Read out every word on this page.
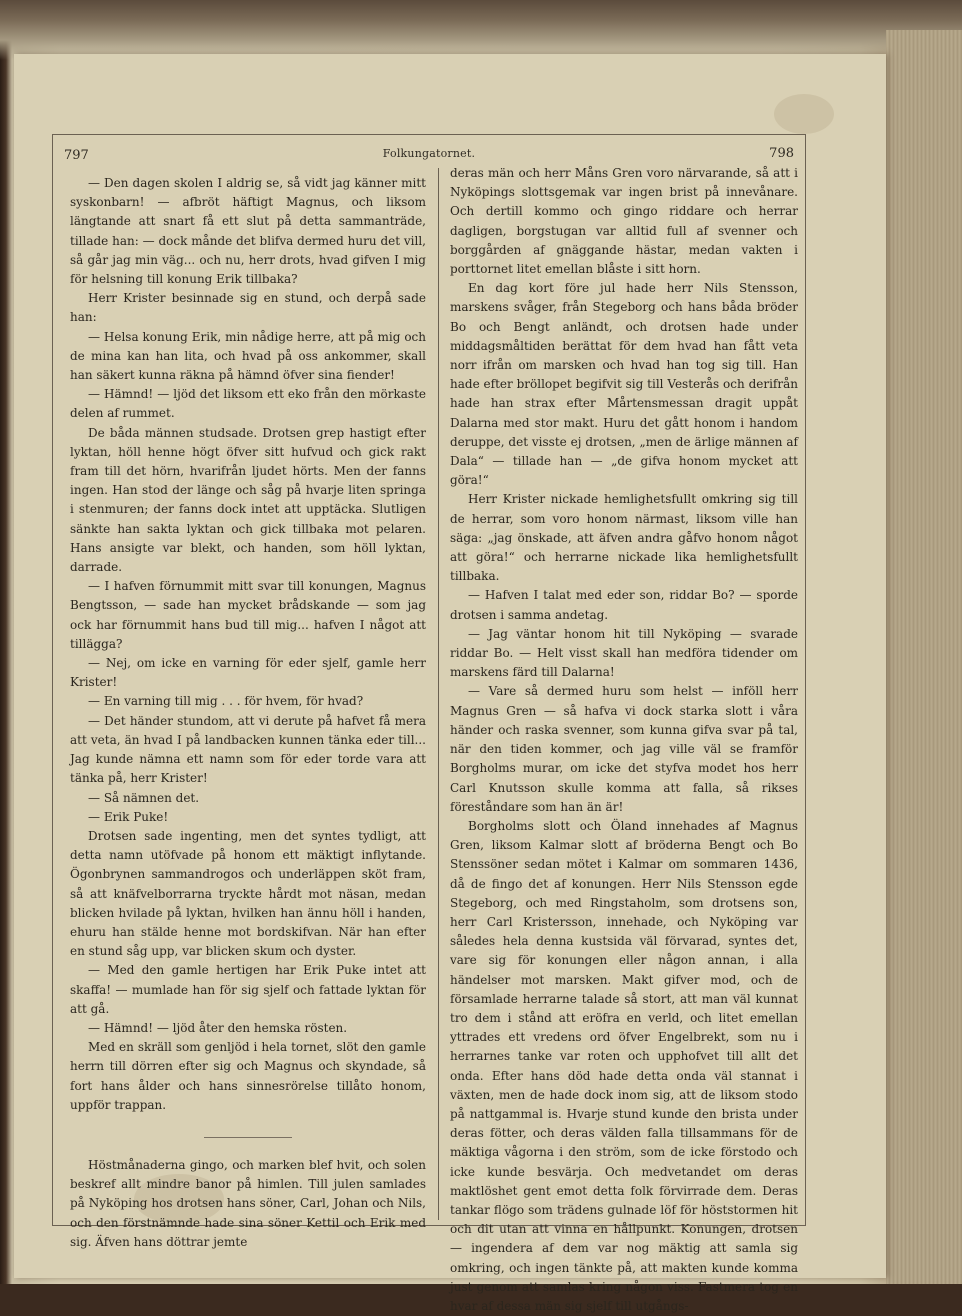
797	Folkungatornet.	798

— Den dagen skolen I aldrig se, så vidt jag känner mitt syskonbarn! — afbröt häftigt Magnus, och liksom längtande att snart få ett slut på detta sammanträde, tillade han: — dock månde det blifva dermed huru det vill, så går jag min väg... och nu, herr drots, hvad gifven I mig för helsning till konung Erik tillbaka?

Herr Krister besinnade sig en stund, och derpå sade han:

— Helsa konung Erik, min nådige herre, att på mig och de mina kan han lita, och hvad på oss ankommer, skall han säkert kunna räkna på hämnd öfver sina fiender!

— Hämnd! — ljöd det liksom ett eko från den mörkaste delen af rummet.

De båda männen studsade. Drotsen grep hastigt efter lyktan, höll henne högt öfver sitt hufvud och gick rakt fram till det hörn, hvarifrån ljudet hörts. Men der fanns ingen. Han stod der länge och såg på hvarje liten springa i stenmuren; der fanns dock intet att upptäcka. Slutligen sänkte han sakta lyktan och gick tillbaka mot pelaren. Hans ansigte var blekt, och handen, som höll lyktan, darrade.

— I hafven förnummit mitt svar till konungen, Magnus Bengtsson, — sade han mycket brådskande — som jag ock har förnummit hans bud till mig... hafven I något att tillägga?

— Nej, om icke en varning för eder sjelf, gamle herr Krister!

— En varning till mig . . . för hvem, för hvad?

— Det händer stundom, att vi derute på hafvet få mera att veta, än hvad I på landbacken kunnen tänka eder till... Jag kunde nämna ett namn som för eder torde vara att tänka på, herr Krister!

— Så nämnen det.

— Erik Puke!

Drotsen sade ingenting, men det syntes tydligt, att detta namn utöfvade på honom ett mäktigt inflytande. Ögonbrynen sammandrogos och underläppen sköt fram, så att knäfvelborrarna tryckte hårdt mot näsan, medan blicken hvilade på lyktan, hvilken han ännu höll i handen, ehuru han stälde henne mot bordskifvan. När han efter en stund såg upp, var blicken skum och dyster.

— Med den gamle hertigen har Erik Puke intet att skaffa! — mumlade han för sig sjelf och fattade lyktan för att gå.

— Hämnd! — ljöd åter den hemska rösten.

Med en skräll som genljöd i hela tornet, slöt den gamle herrn till dörren efter sig och Magnus och skyndade, så fort hans ålder och hans sinnesrörelse tillåto honom, uppför trappan.

Höstmånaderna gingo, och marken blef hvit, och solen beskref allt mindre banor på himlen. Till julen samlades på Nyköping hos drotsen hans söner, Carl, Johan och Nils, och den förstnämnde hade sina söner Kettil och Erik med sig. Äfven hans döttrar jemte

deras män och herr Måns Gren voro närvarande, så att i Nyköpings slottsgemak var ingen brist på innevånare. Och dertill kommo och gingo riddare och herrar dagligen, borgstugan var alltid full af svenner och borggården af gnäggande hästar, medan vakten i porttornet litet emellan blåste i sitt horn.

En dag kort före jul hade herr Nils Stensson, marskens svåger, från Stegeborg och hans båda bröder Bo och Bengt anländt, och drotsen hade under middagsmåltiden berättat för dem hvad han fått veta norr ifrån om marsken och hvad han tog sig till. Han hade efter bröllopet begifvit sig till Vesterås och derifrån hade han strax efter Mårtensmessan dragit uppåt Dalarna med stor makt. Huru det gått honom i handom deruppe, det visste ej drotsen, „men de ärlige männen af Dala“ — tillade han — „de gifva honom mycket att göra!“

Herr Krister nickade hemlighetsfullt omkring sig till de herrar, som voro honom närmast, liksom ville han säga: „jag önskade, att äfven andra gåfvo honom något att göra!“ och herrarne nickade lika hemlighetsfullt tillbaka.

— Hafven I talat med eder son, riddar Bo? — sporde drotsen i samma andetag.

— Jag väntar honom hit till Nyköping — svarade riddar Bo. — Helt visst skall han medföra tidender om marskens färd till Dalarna!

— Vare så dermed huru som helst — inföll herr Magnus Gren — så hafva vi dock starka slott i våra händer och raska svenner, som kunna gifva svar på tal, när den tiden kommer, och jag ville väl se framför Borgholms murar, om icke det styfva modet hos herr Carl Knutsson skulle komma att falla, så rikses föreståndare som han än är!

Borgholms slott och Öland innehades af Magnus Gren, liksom Kalmar slott af bröderna Bengt och Bo Stenssöner sedan mötet i Kalmar om sommaren 1436, då de fingo det af konungen. Herr Nils Stensson egde Stegeborg, och med Ringstaholm, som drotsens son, herr Carl Kristersson, innehade, och Nyköping var således hela denna kustsida väl förvarad, syntes det, vare sig för konungen eller någon annan, i alla händelser mot marsken. Makt gifver mod, och de församlade herrarne talade så stort, att man väl kunnat tro dem i stånd att eröfra en verld, och litet emellan yttrades ett vredens ord öfver Engelbrekt, som nu i herrarnes tanke var roten och upphofvet till allt det onda. Efter hans död hade detta onda väl stannat i växten, men de hade dock inom sig, att de liksom stodo på nattgammal is. Hvarje stund kunde den brista under deras fötter, och deras välden falla tillsammans för de mäktiga vågorna i den ström, som de icke förstodo och icke kunde besvärja. Och medvetandet om deras maktlöshet gent emot detta folk förvirrade dem. Deras tankar flögo som trädens gulnade löf för höststormen hit och dit utan att vinna en hållpunkt. Konungen, drotsen — ingendera af dem var nog mäktig att samla sig omkring, och ingen tänkte på, att makten kunde komma just genom att samlas kring någon viss. Fastmera tog en hvar af dessa män sig sjelf till utgångs-
